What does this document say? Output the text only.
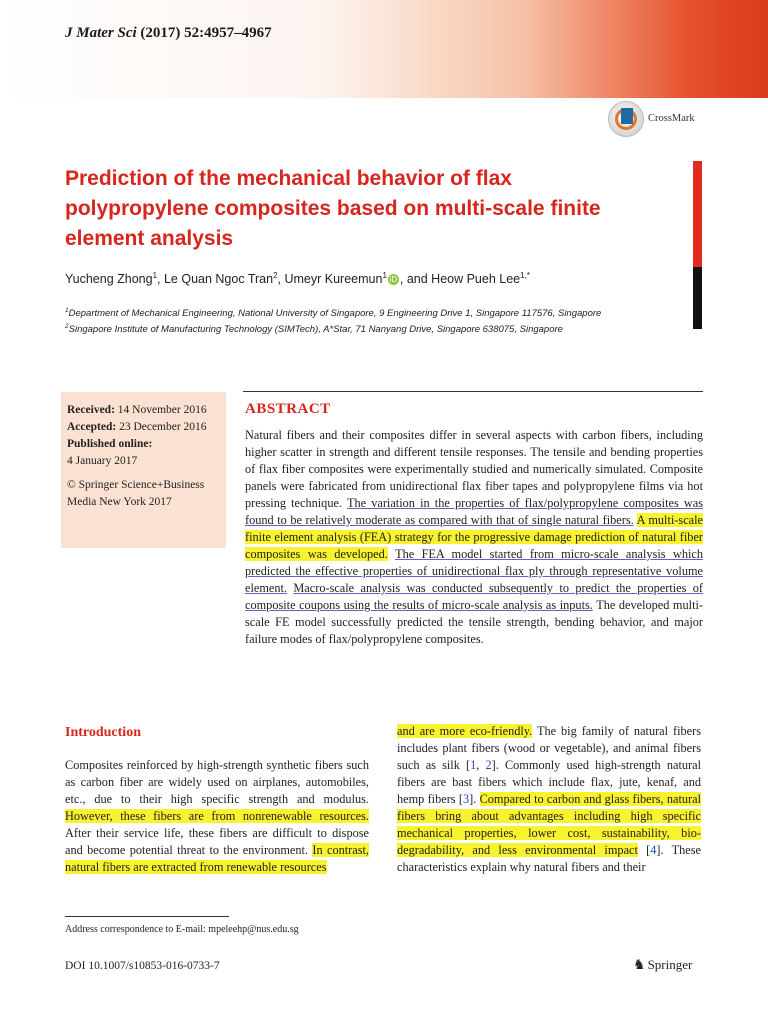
J Mater Sci (2017) 52:4957–4967
CrossMark
Prediction of the mechanical behavior of flax
polypropylene composites based on multi-scale finite
element analysis
Yucheng Zhong$^1$, Le Quan Ngoc Tran$^2$, Umeyr Kureemun$^1$ iD , and Heow Pueh Lee$^{1,*}$
$^1$Department of Mechanical Engineering, National University of Singapore, 9 Engineering Drive 1, Singapore 117576, Singapore
$^2$Singapore Institute of Manufacturing Technology (SIMTech), A*Star, 71 Nanyang Drive, Singapore 638075, Singapore
Received: 14 November 2016
Accepted: 23 December 2016
Published online:
4 January 2017
© Springer Science+Business Media New York 2017
ABSTRACT
Natural fibers and their composites differ in several aspects with carbon fibers, including higher scatter in strength and different tensile responses. The tensile and bending properties of flax fiber composites were experimentally studied and numerically simulated. Composite panels were fabricated from unidirectional flax fiber tapes and polypropylene films via hot pressing technique. The variation in the properties of flax/polypropylene composites was found to be relatively moderate as compared with that of single natural fibers. A multi-scale finite element analysis (FEA) strategy for the progressive damage prediction of natural fiber composites was developed. The FEA model started from micro-scale analysis which predicted the effective properties of unidirectional flax ply through representative volume element. Macro-scale analysis was conducted subsequently to predict the properties of composite coupons using the results of micro-scale analysis as inputs. The developed multi-scale FE model successfully predicted the tensile strength, bending behavior, and major failure modes of flax/polypropylene composites.
Introduction
Composites reinforced by high-strength synthetic fibers such as carbon fiber are widely used on airplanes, automobiles, etc., due to their high specific strength and modulus. However, these fibers are from nonrenewable resources. After their service life, these fibers are difficult to dispose and become potential threat to the environment. In contrast, natural fibers are extracted from renewable resources
and are more eco-friendly. The big family of natural fibers includes plant fibers (wood or vegetable), and animal fibers such as silk [1, 2]. Commonly used high-strength natural fibers are bast fibers which include flax, jute, kenaf, and hemp fibers [3]. Compared to carbon and glass fibers, natural fibers bring about advantages including high specific mechanical properties, lower cost, sustainability, bio-degradability, and less environmental impact [4]. These characteristics explain why natural fibers and their
Address correspondence to E-mail: mpeleehp@nus.edu.sg
DOI 10.1007/s10853-016-0733-7	♞ Springer
